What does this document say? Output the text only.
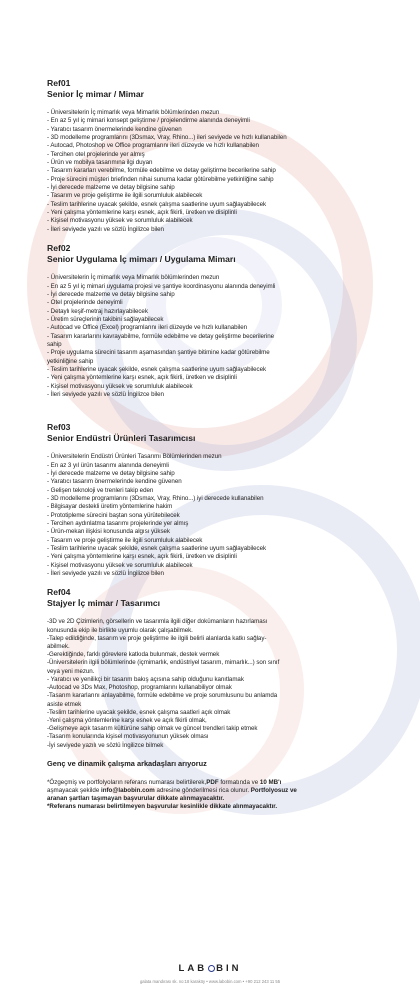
Ref01
Senior İç mimar / Mimar
- Üniversitelerin İç mimarlık veya Mimarlık bölümlerinden mezun
- En az 5 yıl iç mimari konsept geliştirme / projelendirme alanında deneyimli
- Yaratıcı tasarım önermelerinde kendine güvenen
- 3D modelleme programlarını (3Dsmax, Vray, Rhino...) ileri seviyede ve hızlı kullanabilen
- Autocad, Photoshop ve Office programlarını ileri düzeyde ve hızlı kullanabilen
- Tercihen otel projelerinde yer almış
- Ürün ve mobilya tasarımına ilgi duyan
- Tasarım kararları verebilme, formüle edebilme ve detay geliştirme becerilerine sahip
- Proje sürecini müşteri briefinden nihai sunuma kadar götürebilme yetkinliğine sahip
- İyi derecede malzeme ve detay bilgisine sahip
- Tasarım ve proje geliştirme ile ilgili sorumluluk alabilecek
- Teslim tarihlerine uyacak şekilde, esnek çalışma saatlerine uyum sağlayabilecek
- Yeni çalışma yöntemlerine karşı esnek, açık fikirli, üretken ve disiplinli
- Kişisel motivasyonu yüksek ve sorumluluk alabilecek
- İleri seviyede yazılı ve sözlü İngilizce bilen
Ref02
Senior Uygulama İç mimarı / Uygulama Mimarı
- Üniversitelerin İç mimarlık veya Mimarlık bölümlerinden mezun
- En az 5 yıl iç mimari uygulama projesi ve şantiye koordinasyonu alanında deneyimli
- İyi derecede malzeme ve detay bilgisine sahip
- Otel projelerinde deneyimli
- Detaylı keşif-metraj hazırlayabilecek
- Üretim süreçlerinin takibini sağlayabilecek
- Autocad ve Office (Excel) programlarını ileri düzeyde ve hızlı kullanabilen
- Tasarım kararlarını kavrayabilme, formüle edebilme ve detay geliştirme becerilerine
sahip
- Proje uygulama sürecini tasarım aşamasından şantiye bitimine kadar götürebilme
yetkinliğine sahip
- Teslim tarihlerine uyacak şekilde, esnek çalışma saatlerine uyum sağlayabilecek
- Yeni çalışma yöntemlerine karşı esnek, açık fikirli, üretken ve disiplinli
- Kişisel motivasyonu yüksek ve sorumluluk alabilecek
- İleri seviyede yazılı ve sözlü İngilizce bilen
Ref03
Senior Endüstri Ürünleri Tasarımcısı
- Üniversitelerin Endüstri Ürünleri Tasarımı Bölümlerinden mezun
- En az 3 yıl ürün tasarımı alanında deneyimli
- İyi derecede malzeme ve detay bilgisine sahip
- Yaratıcı tasarım önermelerinde kendine güvenen
- Gelişen teknoloji ve trenleri takip eden
- 3D modelleme programlarını (3Dsmax, Vray, Rhino...) iyi derecede kullanabilen
- Bilgisayar destekli üretim yöntemlerine hakim
- Prototipleme sürecini baştan sona yürütebilecek
- Tercihen aydınlatma tasarımı projelerinde yer almış
- Ürün-mekan ilişkisi konusunda algısı yüksek
- Tasarım ve proje geliştirme ile ilgili sorumluluk alabilecek
- Teslim tarihlerine uyacak şekilde, esnek çalışma saatlerine uyum sağlayabilecek
- Yeni çalışma yöntemlerine karşı esnek, açık fikirli, üretken ve disiplinli
- Kişisel motivasyonu yüksek ve sorumluluk alabilecek
- İleri seviyede yazılı ve sözlü İngilizce bilen
Ref04
Stajyer İç mimar / Tasarımcı
-3D ve 2D Çizimlerin, görsellerin ve tasarımla ilgili diğer dokümanların hazırlaması
konusunda ekip ile birlikte uyumlu olarak çalışabilmek.
-Talep edildiğinde, tasarım ve proje geliştirme ile ilgili belirli alanlarda katkı sağlay-
abilmek.
-Gerektiğinde, farklı görevlere katkıda bulunmak, destek vermek
-Üniversitelerin ilgili bölümlerinde (içmimarlık, endüstriyel tasarım, mimarlık...) son sınıf
veya yeni mezun.
- Yaratıcı ve yenilikçi bir tasarım bakış açısına sahip olduğunu kanıtlamak
-Autocad ve 3Ds Max, Photoshop, programlarını kullanabiliyor olmak
-Tasarım kararlarını anlayabilme, formüle edebilme ve proje sorumlusunu bu anlamda
asiste etmek
-Teslim tarihlerine uyacak şekilde, esnek çalışma saatleri açık olmak
-Yeni çalışma yöntemlerine karşı esnek ve açık fikirli olmak,
-Gelişmeye açık tasarım kültürüne sahip olmak ve güncel trendleri takip etmek
-Tasarım konularında kişisel motivasyonunun yüksek olması
-İyi seviyede yazılı ve sözlü İngilizce bilmek
Genç ve dinamik çalışma arkadaşları arıyoruz

*Özgeçmiş ve portfolyoların referans numarası belirtilerek,PDF formatında ve 10 MB'ı

aşmayacak şekilde info@labobin.com adresine gönderilmesi rica olunur. Portfolyosuz ve

aranan şartları taşımayan başvurular dikkate alınmayacaktır.

*Referans numarası belirtilmeyen başvurular kesinlikle dikkate alınmayacaktır.

LAB BIN
galata mandırası sk. no:18 karaköy • www.labobin.com • +90 212 243 11 55
